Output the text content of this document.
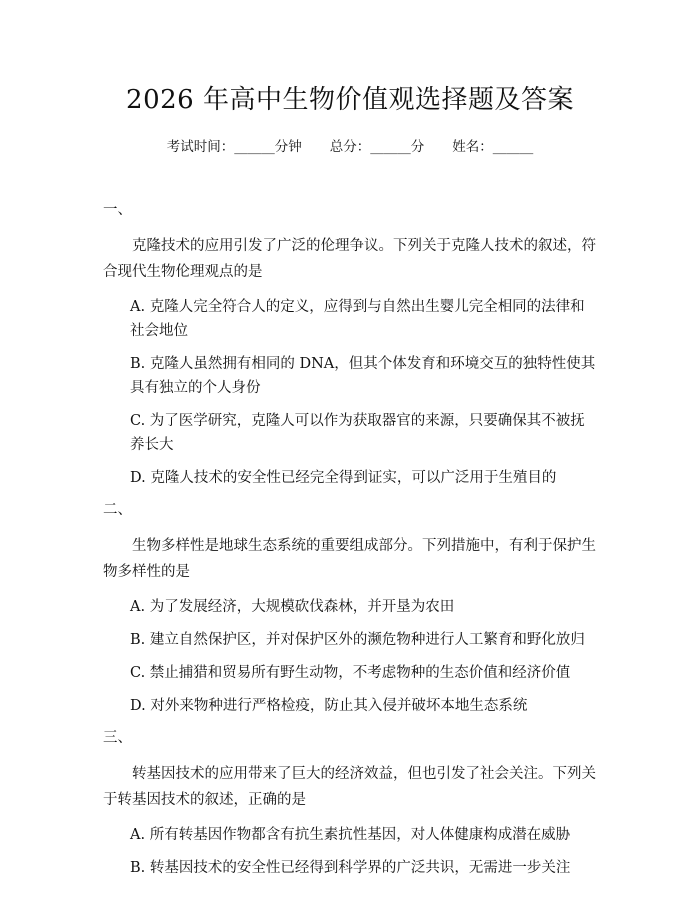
2026 年高中生物价值观选择题及答案
考试时间：______分钟 总分：______分 姓名：______
一、
克隆技术的应用引发了广泛的伦理争议。下列关于克隆人技术的叙述，符合现代生物伦理观点的是
A. 克隆人完全符合人的定义，应得到与自然出生婴儿完全相同的法律和社会地位
B. 克隆人虽然拥有相同的 DNA，但其个体发育和环境交互的独特性使其具有独立的个人身份
C. 为了医学研究，克隆人可以作为获取器官的来源，只要确保其不被抚养长大
D. 克隆人技术的安全性已经完全得到证实，可以广泛用于生殖目的
二、
生物多样性是地球生态系统的重要组成部分。下列措施中，有利于保护生物多样性的是
A. 为了发展经济，大规模砍伐森林，并开垦为农田
B. 建立自然保护区，并对保护区外的濒危物种进行人工繁育和野化放归
C. 禁止捕猎和贸易所有野生动物，不考虑物种的生态价值和经济价值
D. 对外来物种进行严格检疫，防止其入侵并破坏本地生态系统
三、
转基因技术的应用带来了巨大的经济效益，但也引发了社会关注。下列关于转基因技术的叙述，正确的是
A. 所有转基因作物都含有抗生素抗性基因，对人体健康构成潜在威胁
B. 转基因技术的安全性已经得到科学界的广泛共识，无需进一步关注
